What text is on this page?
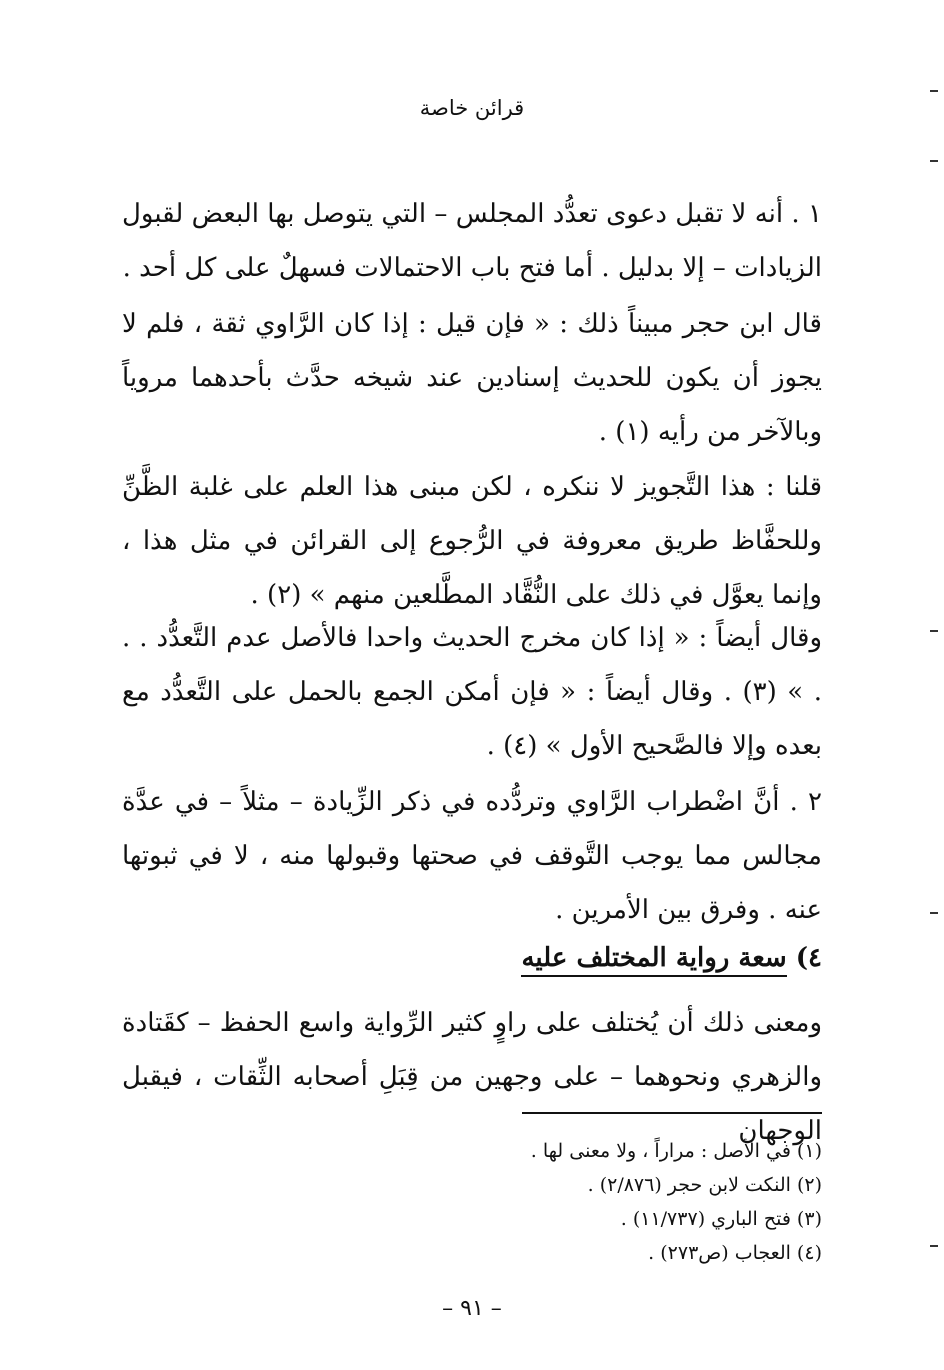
قرائن خاصة
١ . أنه لا تقبل دعوى تعدُّد المجلس – التي يتوصل بها البعض لقبول الزيادات – إلا بدليل . أما فتح باب الاحتمالات فسهلٌ على كل أحد .
قال ابن حجر مبيناً ذلك : « فإن قيل : إذا كان الرَّاوي ثقة ، فلم لا يجوز أن يكون للحديث إسنادين عند شيخه حدَّث بأحدهما مروياً وبالآخر من رأيه (١) .
قلنا : هذا التَّجويز لا ننكره ، لكن مبنى هذا العلم على غلبة الظَّنِّ وللحفَّاظ طريق معروفة في الرُّجوع إلى القرائن في مثل هذا ، وإنما يعوَّل في ذلك على النُّقَّاد المطَّلعين منهم » (٢) .
وقال أيضاً : « إذا كان مخرج الحديث واحدا فالأصل عدم التَّعدُّد . . . » (٣) . وقال أيضاً : « فإن أمكن الجمع بالحمل على التَّعدُّد مع بعده وإلا فالصَّحيح الأول » (٤) .
٢ . أنَّ اضْطراب الرَّاوي وتردُّده في ذكر الزِّيادة – مثلاً – في عدَّة مجالس مما يوجب التَّوقف في صحتها وقبولها منه ، لا في ثبوتها عنه . وفرق بين الأمرين .
٤) سعة رواية المختلف عليه
ومعنى ذلك أن يُختلف على راوٍ كثير الرِّواية واسع الحفظ – كقَتادة والزهري ونحوهما – على وجهين من قِبَلِ أصحابه الثِّقات ، فيقبل الوجهان
(١) في الأصل : مراراً ، ولا معنى لها .
(٢) النكت لابن حجر (٢/٨٧٦) .
(٣) فتح الباري (١١/٧٣٧) .
(٤) العجاب (ص٢٧٣) .
– ٩١ –
